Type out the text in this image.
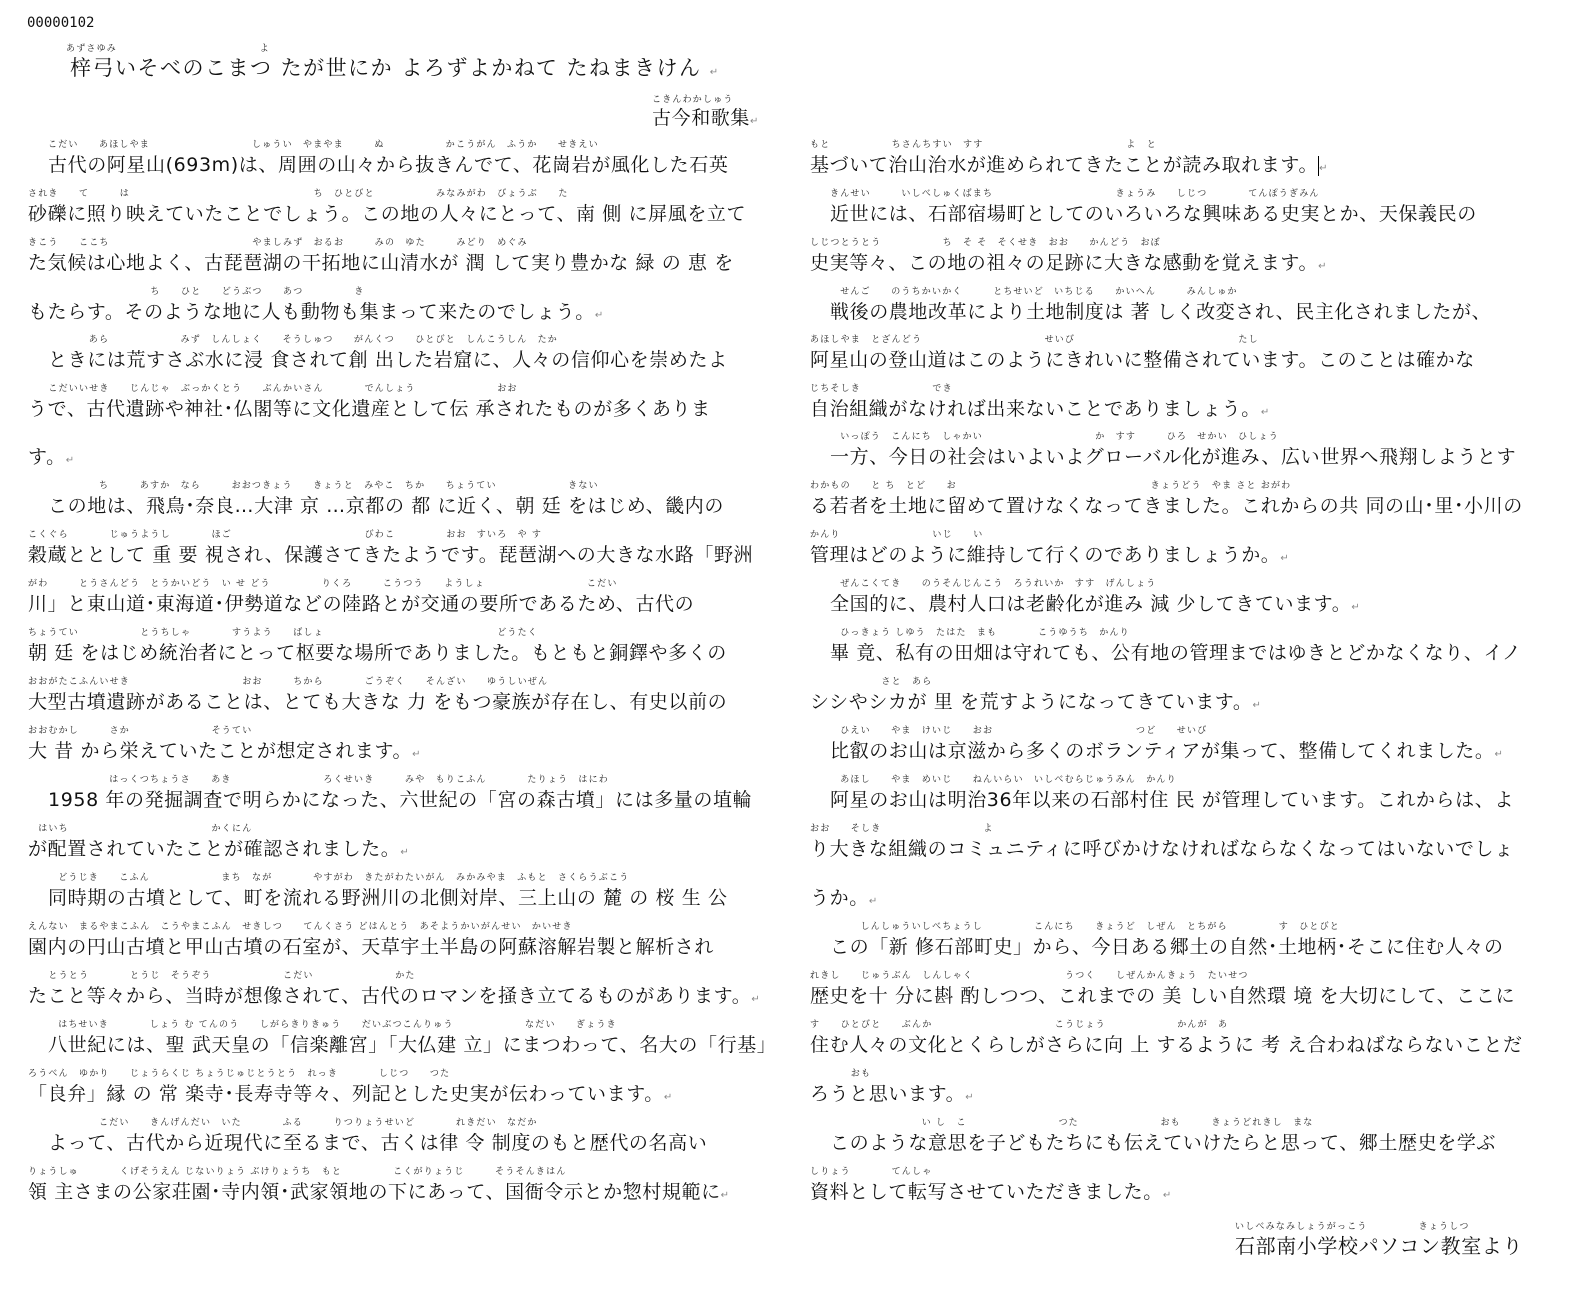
00000102
あずさゆみ　　　　　　　　　　　　　　よ
梓弓いそべのこまつ たが世にか よろずよかねて たねまきけん ↵
こきんわかしゅう
古今和歌集↵
こだい　　あほしやま　　　　　　　　　　しゅうい　やまやま　　　ぬ　　　　　　かこうがん　ふうか　　せきえい
古代の阿星山(693m)は、周囲の山々から抜きんでて、花崗岩が風化した石英
されき　　て　　　は　　　　　　　　　　　　　　　　　　ち　ひとびと　　　　　　みなみがわ　びょうぶ　　た
砂礫に照り映えていたことでしょう。この地の人々にとって、南 側 に屏風を立て
きこう　　ここち　　　　　　　　　　　　　　やましみず　おるお　　　みの　ゆた　　　みどり　めぐみ
た気候は心地よく、古琵琶湖の干拓地に山清水が 潤 して実り豊かな 緑 の 恵 を
　　　　　　　　　　　　ち　　ひと　　どうぶつ　　あつ　　　　　き
もたらす。そのような地に人も動物も集まって来たのでしょう。↵
　　　　あら　　　　　　　みず　しんしょく　　そうしゅつ　　がんくつ　　ひとびと　しんこうしん　たか
ときには荒すさぶ水に浸 食されて創 出した岩窟に、人々の信仰心を崇めたよ
　　こだいいせき　　じんじゃ　ぶっかくとう　　ぶんかいさん　　　　でんしょう　　　　　　　　おお
うで、古代遺跡や神社･仏閣等に文化遺産として伝 承されたものが多くありま
す。↵
　　　　　ち　　　あすか　なら　　　おおつきょう　　きょうと　みやこ　ちか　　ちょうてい　　　　　　　きない
この地は、飛鳥･奈良…大津 京 …京都の 都 に近く、朝 廷 をはじめ、畿内の
こくぐら　　　　じゅうようし　　　　ほご　　　　　　　　　　　　　びわこ　　　　　おお　すいろ　や す
穀蔵ととして 重 要 視され、保護さてきたようです。琵琶湖への大きな水路「野洲
がわ　　　とうさんどう　とうかいどう　い せ どう　　　　　りくろ　　　こうつう　　ようしょ　　　　　　　　　　こだい
川」と東山道･東海道･伊勢道などの陸路とが交通の要所であるため、古代の
ちょうてい　　　　　　とうちしゃ　　　　すうよう　　ばしょ　　　　　　　　　　　　　　　　　どうたく
朝 廷 をはじめ統治者にとって枢要な場所でありました。もともと銅鐸や多くの
おおがたこふんいせき　　　　　　　　　　　おお　　　ちから　　　　ごうぞく　　そんざい　　ゆうしいぜん
大型古墳遺跡があることは、とても大きな 力 をもつ豪族が存在し、有史以前の
おおむかし　　　さか　　　　　　　　そうてい
大 昔 から栄えていたことが想定されます。↵
　　　　　　はっくつちょうさ　　あき　　　　　　　　　ろくせいき　　　みや　もりこふん　　　　たりょう　はにわ
1958 年の発掘調査で明らかになった、六世紀の「宮の森古墳」には多量の埴輪
　はいち　　　　　　　　　　　　　　かくにん
が配置されていたことが確認されました。↵
　どうじき　　こふん　　　　　　　まち　なが　　　　やすがわ　きたがわたいがん　みかみやま　ふもと　さくらうぶこう
同時期の古墳として、町を流れる野洲川の北側対岸、三上山の 麓 の 桜 生 公
えんない　まるやまこふん　こうやまこふん　せきしつ　　てんくさう どはんとう　あそようかいがんせい　かいせき
園内の円山古墳と甲山古墳の石室が、天草宇土半島の阿蘇溶解岩製と解析され
　　とうとう　　　　とうじ　そうぞう　　　　　　　こだい　　　　　　　　かた
たこと等々から、当時が想像されて、古代のロマンを掻き立てるものがあります。↵
　はちせいき　　　　しょう む てんのう　　しがらきりきゅう　　だいぶつこんりゅう　　　　　　　なだい　　ぎょうき
八世紀には、聖 武天皇の「信楽離宮」「大仏建 立」にまつわって、名大の「行基」
ろうべん　ゆかり　　じょうらくじ ちょうじゅじとうとう　れっき　　　　しじつ　　つた
「良弁」縁 の 常 楽寺･長寿寺等々、列記とした史実が伝わっています。↵
　　　　　こだい　　きんげんだい　いた　　　　ふる　　　りつりょうせいど　　　　れきだい　なだか
よって、古代から近現代に至るまで、古くは律 令 制度のもと歴代の名高い
りょうしゅ　　　　くげそうえん じないりょう ぶけりょうち　もと　　　　　こくがりょうじ　　　そうそんきはん
領 主さまの公家荘園･寺内領･武家領地の下にあって、国衙令示とか惣村規範に↵
もと　　　　　　ちさんちすい　すす　　　　　　　　　　　　　　よ　と
基づいて治山治水が進められてきたことが読み取れます。↵
きんせい　　　いしべしゅくばまち　　　　　　　　　　　　きょうみ　　しじつ　　　　てんぽうぎみん
近世には、石部宿場町としてのいろいろな興味ある史実とか、天保義民の
しじつとうとう　　　　　　ち　そ そ　そくせき　おお　　かんどう　おぼ
史実等々、この地の祖々の足跡に大きな感動を覚えます。↵
　せんご　　のうちかいかく　　　とちせいど　いちじる　　かいへん　　　みんしゅか
戦後の農地改革により土地制度は 著 しく改変され、民主化されましたが、
あほしやま　とざんどう　　　　　　　　　　　　せいび　　　　　　　　　　　　　　　　たし
阿星山の登山道はこのようにきれいに整備されています。このことは確かな
じちそしき　　　　　　　でき
自治組織がなければ出来ないことでありましょう。↵
　いっぽう　こんにち　しゃかい　　　　　　　　　　　か　すす　　　ひろ　せかい　ひしょう
一方、今日の社会はいよいよグローバル化が進み、広い世界へ飛翔しようとす
わかもの　　と ち　とど　　お　　　　　　　　　　　　　　　　　　　きょうどう　やま さと おがわ
る若者を土地に留めて置けなくなってきました。これからの共 同の山･里･小川の
かんり　　　　　　　　　いじ　　い
管理はどのように維持して行くのでありましょうか。↵
　ぜんこくてき　　のうそんじんこう　ろうれいか　すす　げんしょう
全国的に、農村人口は老齢化が進み 減 少してきています。↵
　ひっきょう しゆう　たはた　まも　　　　こうゆうち　かんり
畢 竟、私有の田畑は守れても、公有地の管理まではゆきとどかなくなり、イノ
　　　　　　　さと　あら
シシやシカが 里 を荒すようになってきています。↵
　ひえい　　やま　けいじ　　おお　　　　　　　　　　　　　　つど　　せいび
比叡のお山は京滋から多くのボランティアが集って、整備してくれました。↵
　あほし　　やま　めいじ　　ねんいらい　いしべむらじゅうみん　かんり
阿星のお山は明治36年以来の石部村住 民 が管理しています。これからは、よ
おお　　そしき　　　　　　　　　　よ
り大きな組織のコミュニティに呼びかけなければならなくなってはいないでしょ
うか。↵
　　　しんしゅういしべちょうし　　　　　こんにち　　きょうど　しぜん　とちがら　　　　　す　ひとびと
この「新 修石部町史」から、今日ある郷土の自然･土地柄･そこに住む人々の
れきし　　じゅうぶん　しんしゃく　　　　　　　　　うつく　　しぜんかんきょう　たいせつ
歴史を十 分に斟 酌しつつ、これまでの 美 しい自然環 境 を大切にして、ここに
す　　ひとびと　　ぶんか　　　　　　　　　　　　こうじょう　　　　　　　かんが　あ
住む人々の文化とくらしがさらに向 上 するように 考 え合わねばならないことだ
　　　　おも
ろうと思います。↵
　　　　　　　　　い し　こ　　　　　　　　　つた　　　　　　　　おも　　　きょうどれきし　まな
このような意思を子どもたちにも伝えていけたらと思って、郷土歴史を学ぶ
しりょう　　　　てんしゃ
資料として転写させていただきました。↵
いしべみなみしょうがっこう　　　　　きょうしつ
石部南小学校パソコン教室より
